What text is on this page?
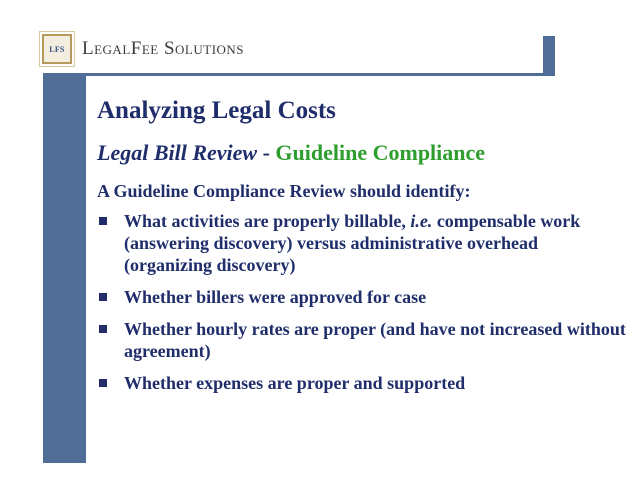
LFS LegalFee Solutions
Analyzing Legal Costs
Legal Bill Review - Guideline Compliance
A Guideline Compliance Review should identify:
What activities are properly billable, i.e. compensable work (answering discovery) versus administrative overhead (organizing discovery)
Whether billers were approved for case
Whether hourly rates are proper (and have not increased without agreement)
Whether expenses are proper and supported
